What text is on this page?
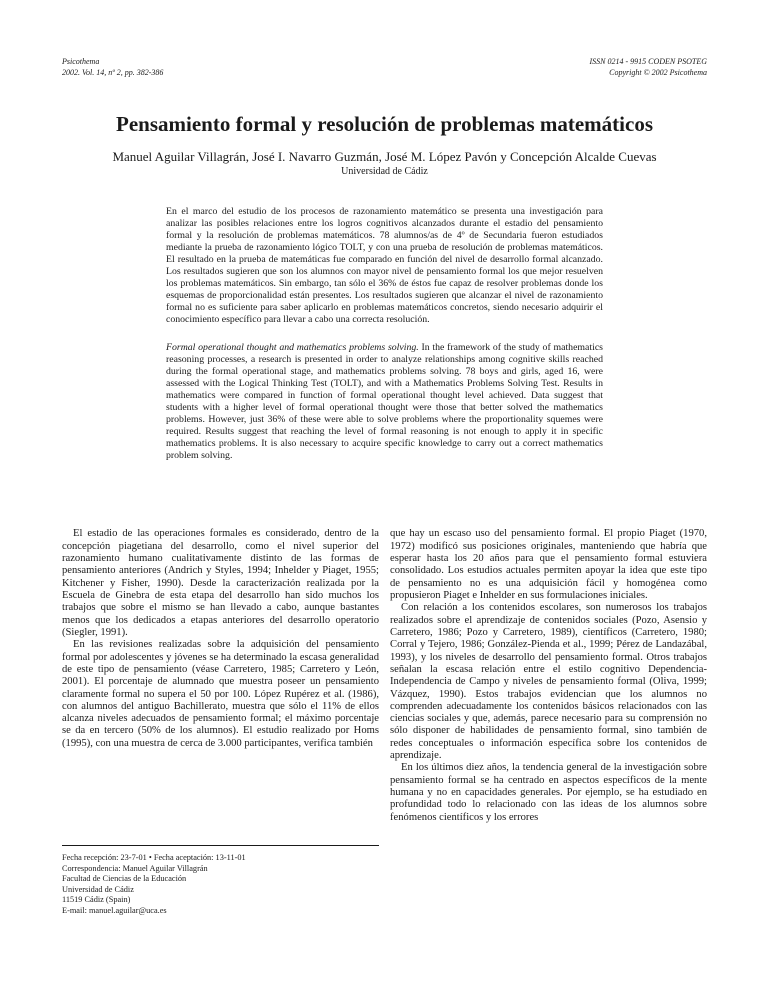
Psicothema
2002. Vol. 14, nº 2, pp. 382-386
ISSN 0214 - 9915 CODEN PSOTEG
Copyright © 2002 Psicothema
Pensamiento formal y resolución de problemas matemáticos
Manuel Aguilar Villagrán, José I. Navarro Guzmán, José M. López Pavón y Concepción Alcalde Cuevas
Universidad de Cádiz

En el marco del estudio de los procesos de razonamiento matemático se presenta una investigación para analizar las posibles relaciones entre los logros cognitivos alcanzados durante el estadio del pensamiento formal y la resolución de problemas matemáticos. 78 alumnos/as de 4º de Secundaria fueron estudiados mediante la prueba de razonamiento lógico TOLT, y con una prueba de resolución de problemas matemáticos. El resultado en la prueba de matemáticas fue comparado en función del nivel de desarrollo formal alcanzado. Los resultados sugieren que son los alumnos con mayor nivel de pensamiento formal los que mejor resuelven los problemas matemáticos. Sin embargo, tan sólo el 36% de éstos fue capaz de resolver problemas donde los esquemas de proporcionalidad están presentes. Los resultados sugieren que alcanzar el nivel de razonamiento formal no es suficiente para saber aplicarlo en problemas matemáticos concretos, siendo necesario adquirir el conocimiento específico para llevar a cabo una correcta resolución.

Formal operational thought and mathematics problems solving. In the framework of the study of mathematics reasoning processes, a research is presented in order to analyze relationships among cognitive skills reached during the formal operational stage, and mathematics problems solving. 78 boys and girls, aged 16, were assessed with the Logical Thinking Test (TOLT), and with a Mathematics Problems Solving Test. Results in mathematics were compared in function of formal operational thought level achieved. Data suggest that students with a higher level of formal operational thought were those that better solved the mathematics problems. However, just 36% of these were able to solve problems where the proportionality squemes were required. Results suggest that reaching the level of formal reasoning is not enough to apply it in specific mathematics problems. It is also necessary to acquire specific knowledge to carry out a correct mathematics problem solving.

El estadio de las operaciones formales es considerado, dentro de la concepción piagetiana del desarrollo, como el nivel superior del razonamiento humano cualitativamente distinto de las formas de pensamiento anteriores (Andrich y Styles, 1994; Inhelder y Piaget, 1955; Kitchener y Fisher, 1990). Desde la caracterización realizada por la Escuela de Ginebra de esta etapa del desarrollo han sido muchos los trabajos que sobre el mismo se han llevado a cabo, aunque bastantes menos que los dedicados a etapas anteriores del desarrollo operatorio (Siegler, 1991).

En las revisiones realizadas sobre la adquisición del pensamiento formal por adolescentes y jóvenes se ha determinado la escasa generalidad de este tipo de pensamiento (véase Carretero, 1985; Carretero y León, 2001). El porcentaje de alumnado que muestra poseer un pensamiento claramente formal no supera el 50 por 100. López Rupérez et al. (1986), con alumnos del antiguo Bachillerato, muestra que sólo el 11% de ellos alcanza niveles adecuados de pensamiento formal; el máximo porcentaje se da en tercero (50% de los alumnos). El estudio realizado por Homs (1995), con una muestra de cerca de 3.000 participantes, verifica también

Fecha recepción: 23-7-01 • Fecha aceptación: 13-11-01
Correspondencia: Manuel Aguilar Villagrán
Facultad de Ciencias de la Educación
Universidad de Cádiz
11519 Cádiz (Spain)
E-mail: manuel.aguilar@uca.es

que hay un escaso uso del pensamiento formal. El propio Piaget (1970, 1972) modificó sus posiciones originales, manteniendo que habría que esperar hasta los 20 años para que el pensamiento formal estuviera consolidado. Los estudios actuales permiten apoyar la idea que este tipo de pensamiento no es una adquisición fácil y homogénea como propusieron Piaget e Inhelder en sus formulaciones iniciales.

Con relación a los contenidos escolares, son numerosos los trabajos realizados sobre el aprendizaje de contenidos sociales (Pozo, Asensio y Carretero, 1986; Pozo y Carretero, 1989), científicos (Carretero, 1980; Corral y Tejero, 1986; González-Pienda et al., 1999; Pérez de Landazábal, 1993), y los niveles de desarrollo del pensamiento formal. Otros trabajos señalan la escasa relación entre el estilo cognitivo Dependencia-Independencia de Campo y niveles de pensamiento formal (Oliva, 1999; Vázquez, 1990). Estos trabajos evidencian que los alumnos no comprenden adecuadamente los contenidos básicos relacionados con las ciencias sociales y que, además, parece necesario para su comprensión no sólo disponer de habilidades de pensamiento formal, sino también de redes conceptuales o información específica sobre los contenidos de aprendizaje.

En los últimos diez años, la tendencia general de la investigación sobre pensamiento formal se ha centrado en aspectos específicos de la mente humana y no en capacidades generales. Por ejemplo, se ha estudiado en profundidad todo lo relacionado con las ideas de los alumnos sobre fenómenos científicos y los errores
